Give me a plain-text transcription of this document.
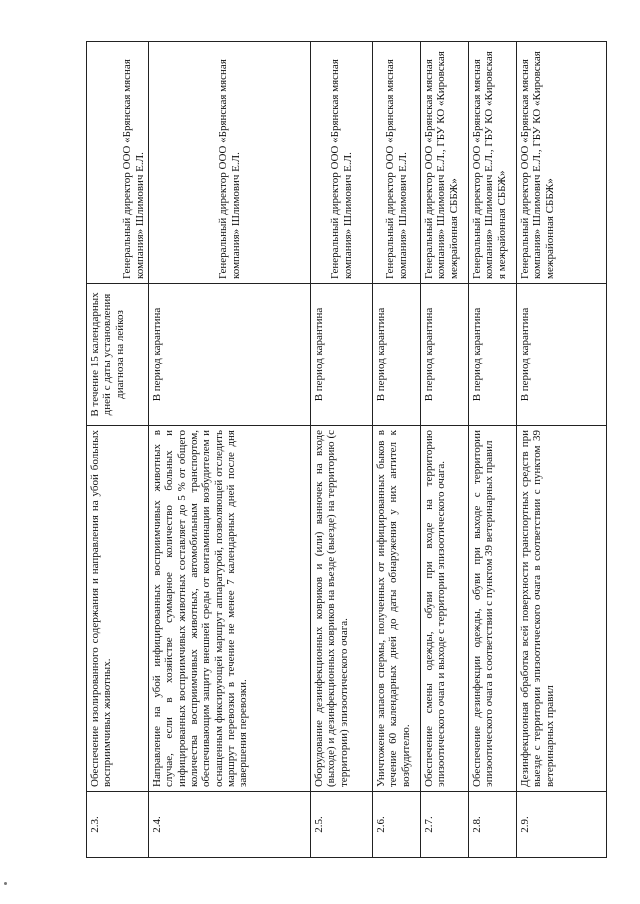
2.3.	Обеспечение изолированного содержания и направления на убой больных восприимчивых животных.	В течение 15 календарных дней с даты установления диагноза на лейкоз	Генеральный директор ООО «Брянская мясная компания» Шлимович Е.Л.
2.4.	Направление на убой инфицированных восприимчивых животных в случае, если в хозяйстве суммарное количество больных и инфицированных восприимчивых животных составляет до 5 % от общего количества восприимчивых животных, автомобильным транспортом, обеспечивающим защиту внешней среды от контаминации возбудителем и оснащенным фиксирующей маршрут аппаратурой, позволяющей отследить маршрут перевозки в течение не менее 7 календарных дней после дня завершения перевозки.	В период карантина	Генеральный директор ООО «Брянская мясная компания» Шлимович Е.Л.
2.5.	Оборудование дезинфекционных ковриков и (или) ванночек на входе (выходе) и дезинфекционных ковриков на въезде (выезде) на территорию (с территории) эпизоотического очага.	В период карантина	Генеральный директор ООО «Брянская мясная компания» Шлимович Е.Л.
2.6.	Уничтожение запасов спермы, полученных от инфицированных быков в течение 60 календарных дней до даты обнаружения у них антител к возбудителю.	В период карантина	Генеральный директор ООО «Брянская мясная компания» Шлимович Е.Л.
2.7.	Обеспечение смены одежды, обуви при входе на территорию эпизоотического очага и выходе с территории эпизоотического очага.	В период карантина	Генеральный директор ООО «Брянская мясная компания» Шлимович Е.Л., ГБУ КО «Кировская межрайонная СББЖ»
2.8.	Обеспечение дезинфекции одежды, обуви при выходе с территории эпизоотического очага в соответствии с пунктом 39 ветеринарных правил	В период карантина	Генеральный директор ООО «Брянская мясная компания» Шлимович Е.Л., ГБУ КО «Кировская я межрайонная СББЖ»
2.9.	Дезинфекционная обработка всей поверхности транспортных средств при выезде с территории эпизоотического очага в соответствии с пунктом 39 ветеринарных правил	В период карантина	Генеральный директор ООО «Брянская мясная компания» Шлимович Е.Л., ГБУ КО «Кировская межрайонная СББЖ»
